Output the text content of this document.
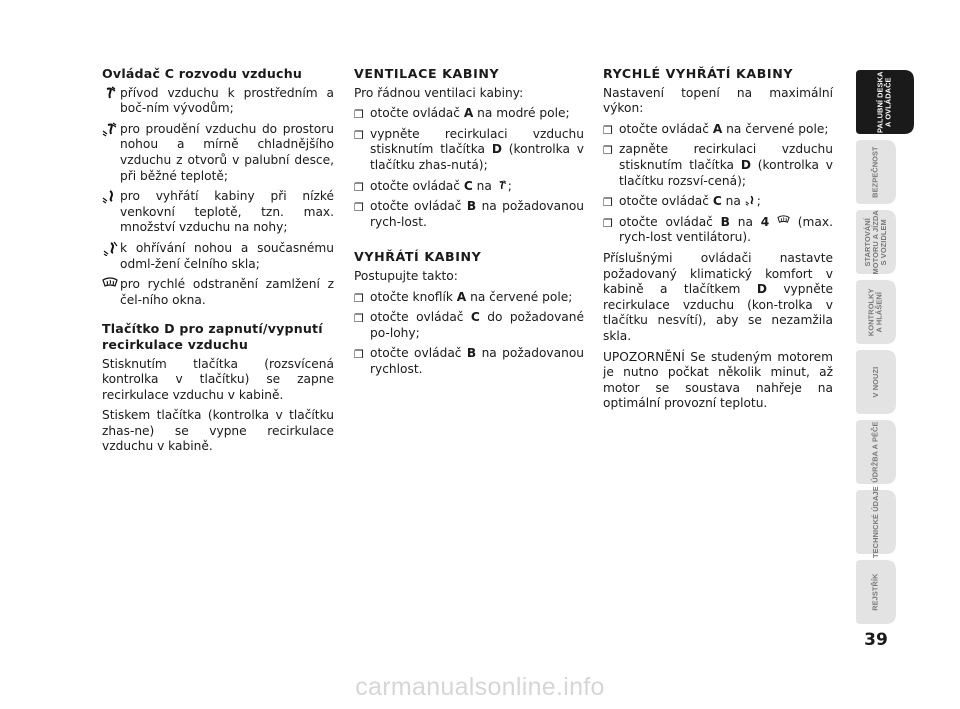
Ovládač C rozvodu vzduchu
přívod vzduchu k prostředním a boč-ním vývodům;
pro proudění vzduchu do prostoru nohou a mírně chladnějšího vzduchu z otvorů v palubní desce, při běžné teplotě;
pro vyhřátí kabiny při nízké venkovní teplotě, tzn. max. množství vzduchu na nohy;
k ohřívání nohou a současnému odml-žení čelního skla;
pro rychlé odstranění zamlžení z čel-ního okna.
Tlačítko D pro zapnutí/vypnutí recirkulace vzduchu

Stisknutím tlačítka (rozsvícená kontrolka v tlačítku) se zapne recirkulace vzduchu v kabině.

Stiskem tlačítka (kontrolka v tlačítku zhas-ne) se vypne recirkulace vzduchu v kabině.

VENTILACE KABINY

Pro řádnou ventilaci kabiny:

❒ otočte ovládač A na modré pole;
❒ vypněte recirkulaci vzduchu stisknutím tlačítka D (kontrolka v tlačítku zhas-nutá);
❒ otočte ovládač C na ;
❒ otočte ovládač B na požadovanou rych-lost.
VYHŘÁTÍ KABINY

Postupujte takto:

❒ otočte knoflík A na červené pole;
❒ otočte ovládač C do požadované po-lohy;
❒ otočte ovládač B na požadovanou rychlost.
RYCHLÉ VYHŘÁTÍ KABINY

Nastavení topení na maximální výkon:

❒ otočte ovládač A na červené pole;
❒ zapněte recirkulaci vzduchu stisknutím tlačítka D (kontrolka v tlačítku rozsví-cená);
❒ otočte ovládač C na ;
❒ otočte ovládač B na 4  (max. rych-lost ventilátoru).

Příslušnými ovládači nastavte požadovaný klimatický komfort v kabině a tlačítkem D vypněte recirkulace vzduchu (kon-trolka v tlačítku nesvítí), aby se nezamžila skla.

UPOZORNĚNÍ Se studeným motorem je nutno počkat několik minut, až motor se soustava nahřeje na optimální provozní teplotu.

PALUBNÍ DESKA
A OVLÁDAČE
BEZPEČNOST
STARTOVÁNÍ
MOTORU A JÍZDA
S VOZIDLEM
KONTROLKY
A HLÁŠENÍ
V NOUZI
ÚDRŽBA A PÉČE
TECHNICKÉ ÚDAJE
REJSTŘÍK
39
carmanualsonline.info
